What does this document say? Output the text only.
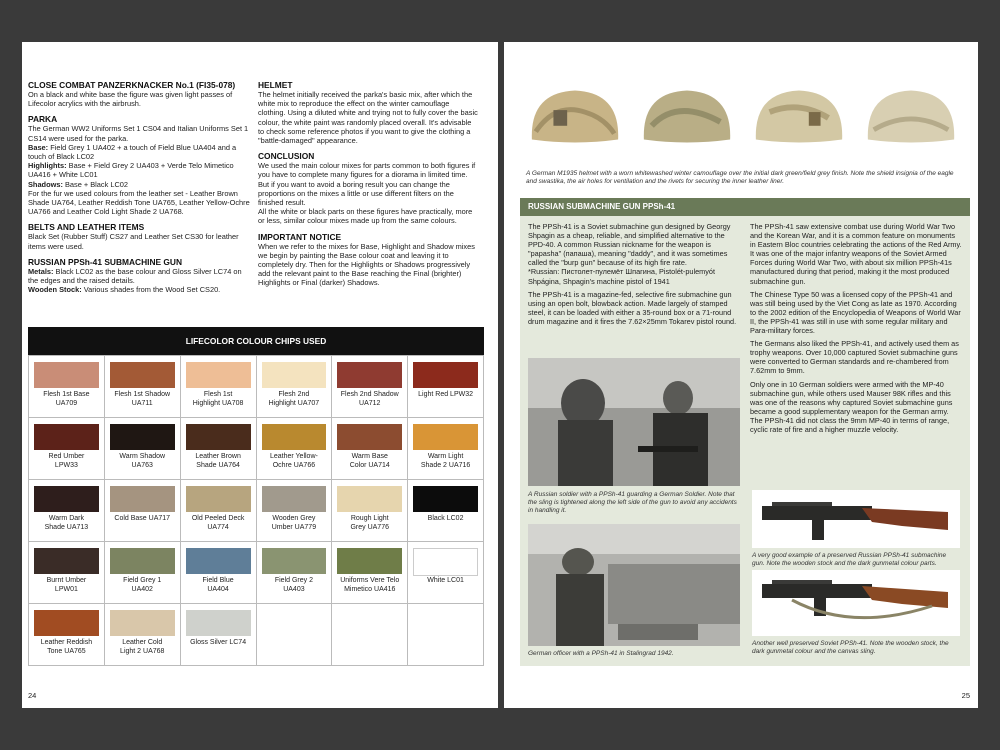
CLOSE COMBAT PANZERKNACKER No.1 (FI35-078)

On a black and white base the figure was given light passes of Lifecolor acrylics with the airbrush.

PARKA

The German WW2 Uniforms Set 1 CS04 and Italian Uniforms Set 1 CS14 were used for the parka.

Base: Field Grey 1 UA402 + a touch of Field Blue UA404 and a touch of Black LC02

Highlights: Base + Field Grey 2 UA403 + Verde Telo Mimetico UA416 + White LC01

Shadows: Base + Black LC02

For the fur we used colours from the leather set - Leather Brown Shade UA764, Leather Reddish Tone UA765, Leather Yellow-Ochre UA766 and Leather Cold Light Shade 2 UA768.

BELTS AND LEATHER ITEMS

Black Set (Rubber Stuff) CS27 and Leather Set CS30 for leather items were used.

RUSSIAN PPSh-41 SUBMACHINE GUN

Metals: Black LC02 as the base colour and Gloss Silver LC74 on the edges and the raised details.

Wooden Stock: Various shades from the Wood Set CS20.

HELMET

The helmet initially received the parka's basic mix, after which the white mix to reproduce the effect on the winter camouflage clothing. Using a diluted white and trying not to fully cover the basic colour, the white paint was randomly placed overall. It's advisable to check some reference photos if you want to give the clothing a "battle-damaged" appearance.

CONCLUSION

We used the main colour mixes for parts common to both figures if you have to complete many figures for a diorama in limited time. But if you want to avoid a boring result you can change the proportions on the mixes a little or use different filters on the finished result.

All the white or black parts on these figures have practically, more or less, similar colour mixes made up from the same colours.

IMPORTANT NOTICE

When we refer to the mixes for Base, Highlight and Shadow mixes we begin by painting the Base colour coat and leaving it to completely dry. Then for the Highlights or Shadows progressively add the relevant paint to the Base reaching the Final (brighter) Highlights or Final (darker) Shadows.

LIFECOLOR COLOUR CHIPS USED
Flesh 1st Base
UA709
Flesh 1st Shadow
UA711
Flesh 1st
Highlight UA708
Flesh 2nd
Highlight UA707
Flesh 2nd Shadow
UA712
Light Red LPW32
Red Umber
LPW33
Warm Shadow
UA763
Leather Brown
Shade UA764
Leather Yellow-
Ochre UA766
Warm Base
Color UA714
Warm Light
Shade 2 UA716
Warm Dark
Shade UA713
Cold Base UA717	Old Peeled Deck
UA774
Wooden Grey
Umber UA779
Rough Light
Grey UA776
Black LC02
Burnt Umber
LPW01
Field Grey 1
UA402
Field Blue
UA404
Field Grey 2
UA403
Uniforms Vere Telo
Mimetico UA416
White LC01
Leather Reddish
Tone UA765
Leather Cold
Light 2 UA768
Gloss Silver LC74
24
A German M1935 helmet with a worn whitewashed winter camouflage over the initial dark green/field grey finish. Note the shield insignia of the eagle and swastika, the air holes for ventilation and the rivets for securing the inner leather liner.
RUSSIAN SUBMACHINE GUN PPSh-41

The PPSh-41 is a Soviet submachine gun designed by Georgy Shpagin as a cheap, reliable, and simplified alternative to the PPD-40. A common Russian nickname for the weapon is "papasha" (папаша), meaning "daddy", and it was sometimes called the "burp gun" because of its high fire rate.

*Russian: Пистолет-пулемёт Шпагина, Pistolét-pulemyót Shpágina, Shpagin's machine pistol of 1941

The PPSh-41 is a magazine-fed, selective fire submachine gun using an open bolt, blowback action. Made largely of stamped steel, it can be loaded with either a 35-round box or a 71-round drum magazine and it fires the 7.62×25mm Tokarev pistol round.

The PPSh-41 saw extensive combat use during World War Two and the Korean War, and it is a common feature on monuments in Eastern Bloc countries celebrating the actions of the Red Army. It was one of the major infantry weapons of the Soviet Armed Forces during World War Two, with about six million PPSh-41s manufactured during that period, making it the most produced submachine gun.

The Chinese Type 50 was a licensed copy of the PPSh-41 and was still being used by the Viet Cong as late as 1970. According to the 2002 edition of the Encyclopedia of Weapons of World War II, the PPSh-41 was still in use with some regular military and Para-military forces.

The Germans also liked the PPSh-41, and actively used them as trophy weapons. Over 10,000 captured Soviet submachine guns were converted to German standards and re-chambered from 7.62mm to 9mm.

Only one in 10 German soldiers were armed with the MP-40 submachine gun, while others used Mauser 98K rifles and this was one of the reasons why captured Soviet submachine guns became a good supplementary weapon for the German army. The PPSh-41 did not class the 9mm MP-40 in terms of range, cyclic rate of fire and a higher muzzle velocity.

A Russian soldier with a PPSh-41 guarding a German Soldier. Note that the sling is tightened along the left side of the gun to avoid any accidents in handling it.
German officer with a PPSh-41 in Stalingrad 1942.
A very good example of a preserved Russian PPSh-41 submachine gun. Note the wooden stock and the dark gunmetal colour parts.
Another well preserved Soviet PPSh-41. Note the wooden stock, the dark gunmetal colour and the canvas sling.
25
